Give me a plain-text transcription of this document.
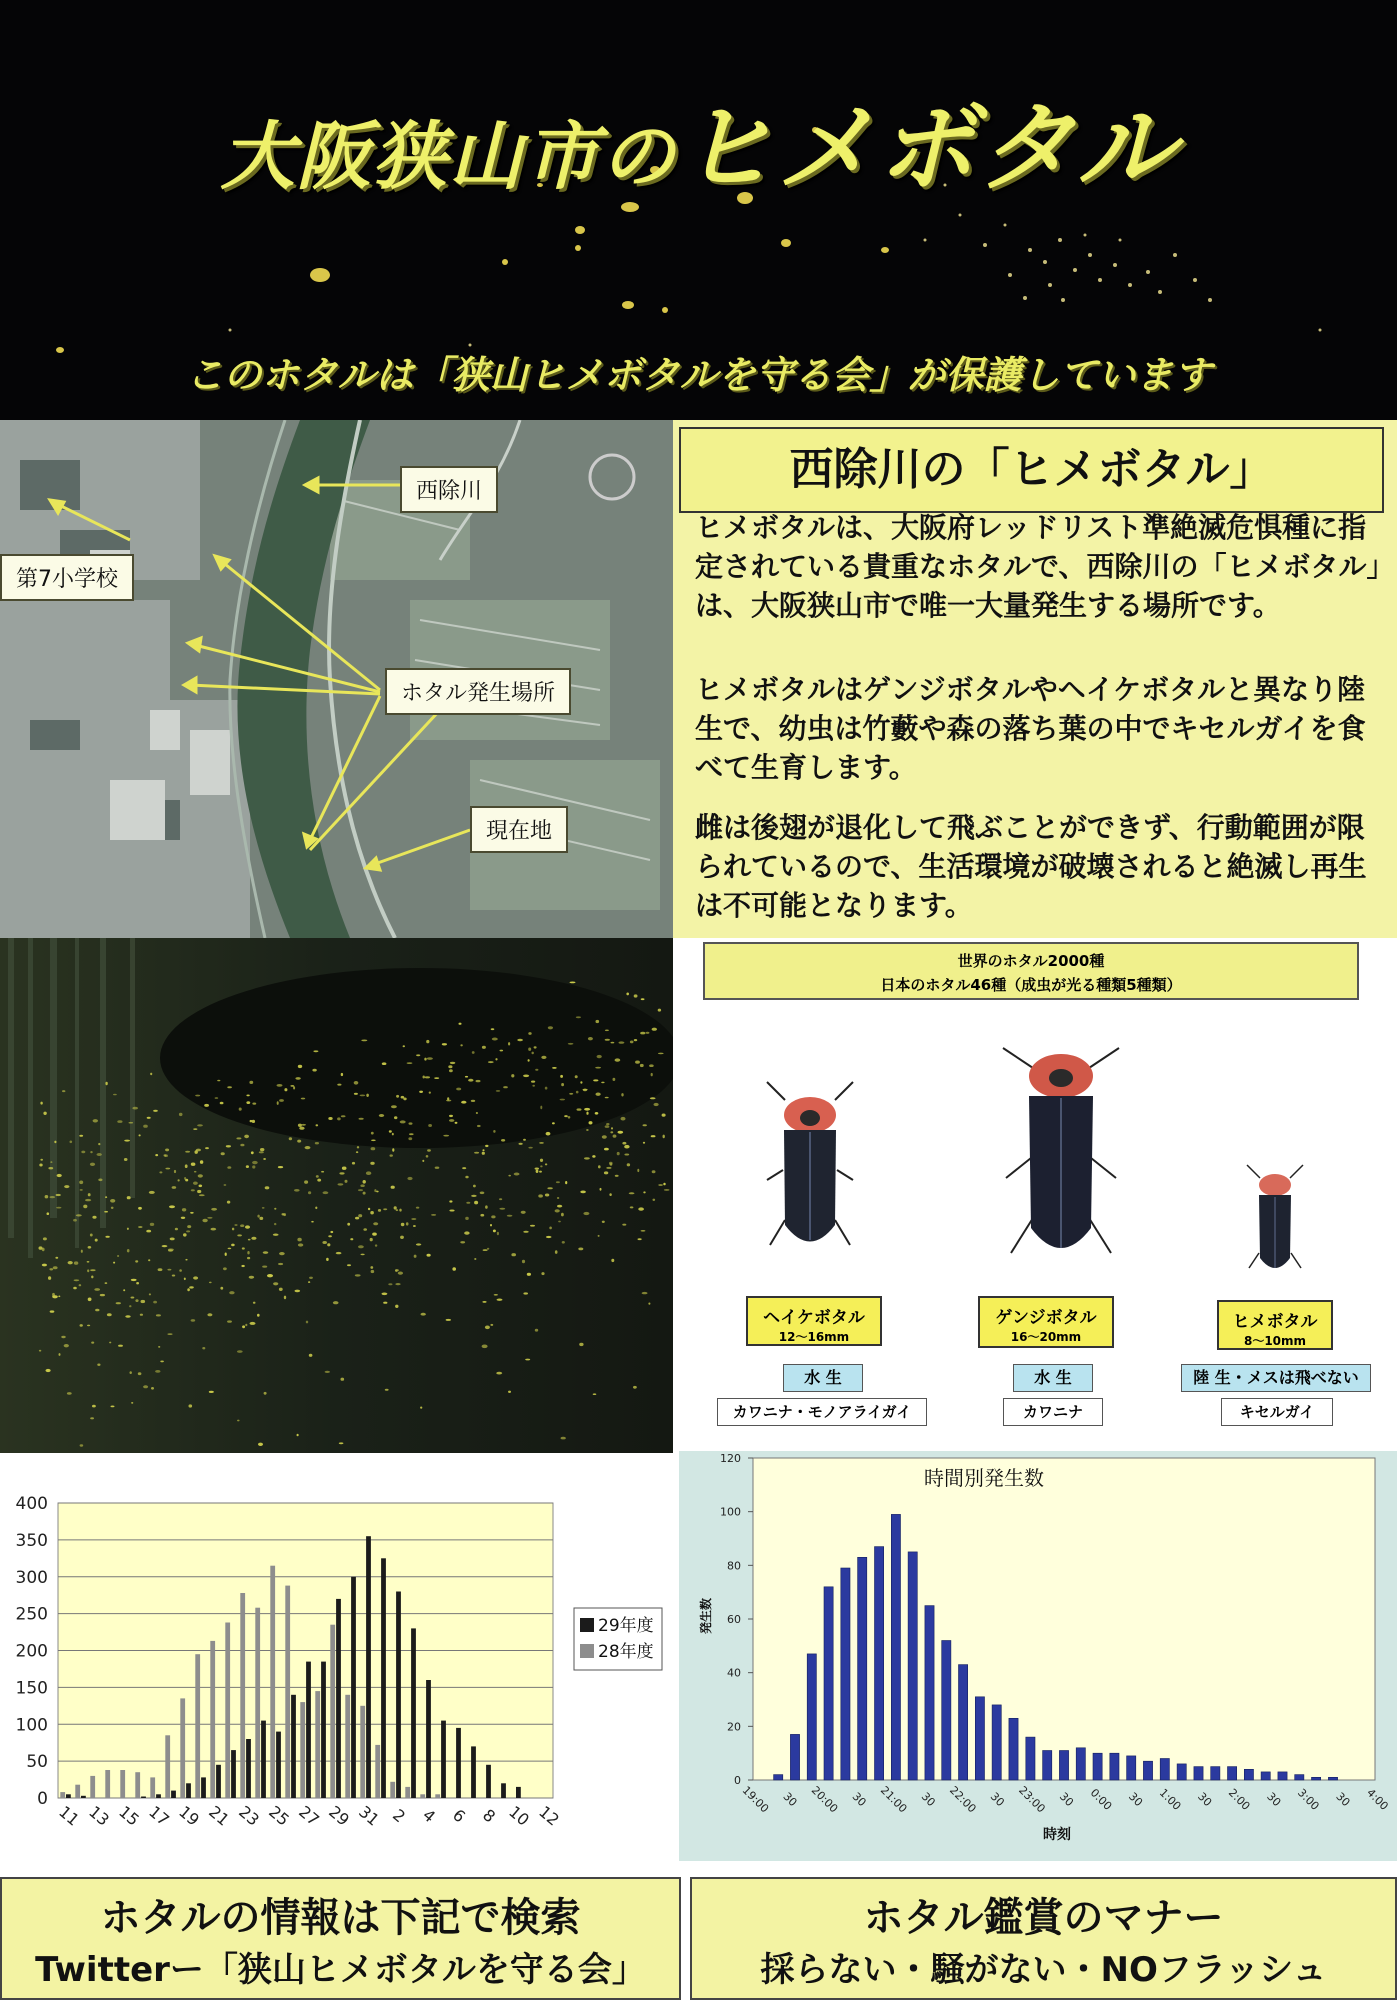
大阪狭山市のヒメボタル
このホタルは「狭山ヒメボタルを守る会」が保護しています
西除川
第7小学校
ホタル発生場所
現在地
西除川の「ヒメボタル」
ヒメボタルは、大阪府レッドリスト準絶滅危惧種に指定されている貴重なホタルで、西除川の「ヒメボタル」は、大阪狭山市で唯一大量発生する場所です。
ヒメボタルはゲンジボタルやヘイケボタルと異なり陸生で、幼虫は竹藪や森の落ち葉の中でキセルガイを食べて生育します。
雌は後翅が退化して飛ぶことができず、行動範囲が限られているので、生活環境が破壊されると絶滅し再生は不可能となります。
世界のホタル2000種
日本のホタル46種（成虫が光る種類5種類）
ヘイケボタル
12～16mm
ゲンジボタル
16～20mm
ヒメボタル
8～10mm
水 生	水 生	陸 生・メスは飛べない
カワニナ・モノアライガイ	カワニナ	キセルガイ
0
50
100
150
200
250
300
350
400
11 13 15 17 19 21 23 25 27 29 31 2 4 6 8 10 12
29年度
28年度
0
20
40
60
80
100
120
時間別発生数
発生数
時刻
19:00 30 20:00 30 21:00 30 22:00 30 23:00 30 0:00 30 1:00 30 2:00 30 3:00 30 4:00
ホタルの情報は下記で検索
Twitterー「狭山ヒメボタルを守る会」
ホタル鑑賞のマナー
採らない・騒がない・NOフラッシュ
